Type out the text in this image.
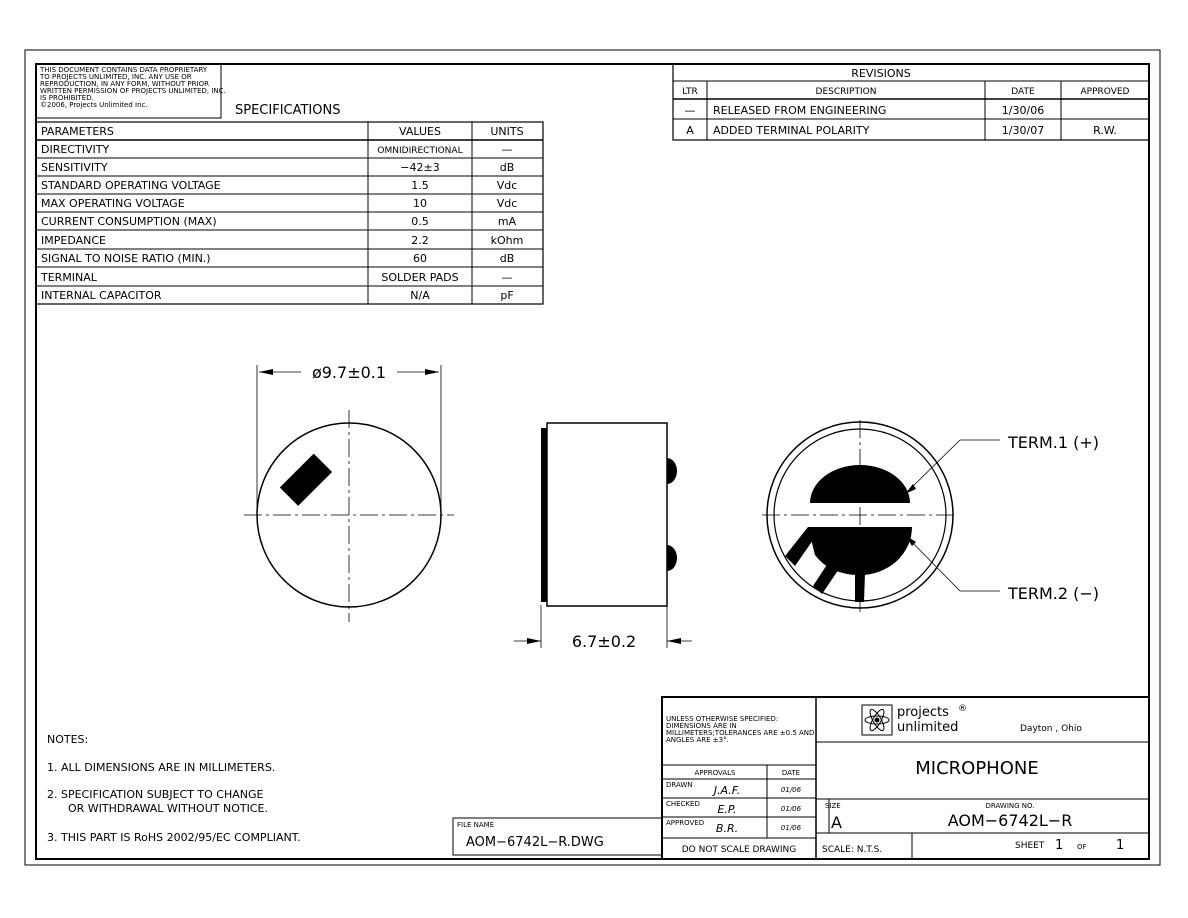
THIS DOCUMENT CONTAINS DATA PROPRIETARY
TO PROJECTS UNLIMITED, INC. ANY USE OR
REPRODUCTION, IN ANY FORM, WITHOUT PRIOR
WRITTEN PERMISSION OF PROJECTS UNLIMITED, INC.
IS PROHIBITED.
©2006, Projects Unlimited Inc.	SPECIFICATIONS
PARAMETERS	VALUES	UNITS
DIRECTIVITY	OMNIDIRECTIONAL	—
SENSITIVITY	−42±3	dB
STANDARD OPERATING VOLTAGE	1.5	Vdc
MAX OPERATING VOLTAGE	10	Vdc
CURRENT CONSUMPTION (MAX)	0.5	mA
IMPEDANCE	2.2	kOhm
SIGNAL TO NOISE RATIO (MIN.)	60	dB
TERMINAL	SOLDER PADS	—
INTERNAL CAPACITOR	N/A	pF
REVISIONS
LTR	DESCRIPTION	DATE	APPROVED
— RELEASED FROM ENGINEERING	1/30/06
A ADDED TERMINAL POLARITY	1/30/07	R.W.
ø9.7±0.1
6.7±0.2
TERM.1 (+)
TERM.2 (−)
NOTES:
1. ALL DIMENSIONS ARE IN MILLIMETERS.
2. SPECIFICATION SUBJECT TO CHANGE
OR WITHDRAWAL WITHOUT NOTICE.
3. THIS PART IS RoHS 2002/95/EC COMPLIANT.
FILE NAME
AOM−6742L−R.DWG
UNLESS OTHERWISE SPECIFIED:
DIMENSIONS ARE IN
MILLIMETERS;TOLERANCES ARE ±0.5 AND
ANGLES ARE ±3°.
APPROVALS	DATE
DRAWN J.A.F.	01/06
CHECKED E.P.	01/06
APPROVED B.R.	01/06
DO NOT SCALE DRAWING
projects ®
unlimited	Dayton , Ohio
MICROPHONE
SIZE
A
DRAWING NO.
AOM−6742L−R
SCALE: N.T.S.	SHEET 1 OF 1
